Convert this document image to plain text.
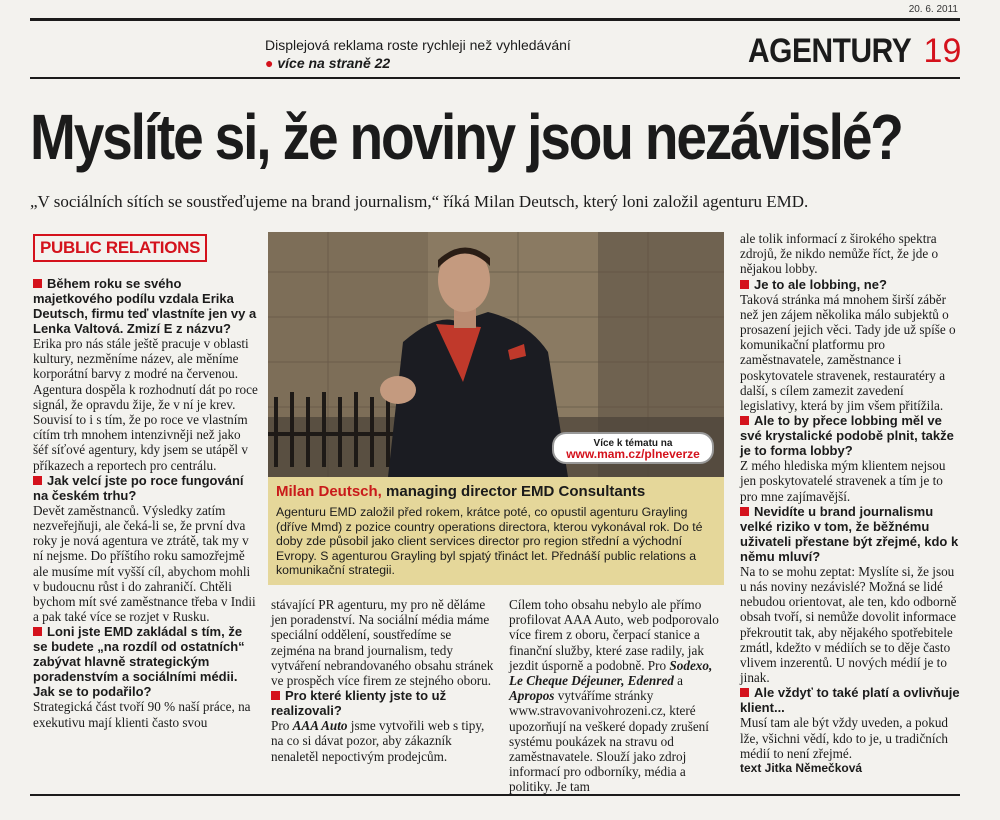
20. 6. 2011
Displejová reklama roste rychleji než vyhledávání
● více na straně 22	AGENTURY 19
Myslíte si, že noviny jsou nezávislé?
„V sociálních sítích se soustřeďujeme na brand journalism,“ říká Milan Deutsch, který loni založil agenturu EMD.
PUBLIC RELATIONS

Během roku se svého majetkového podílu vzdala Erika Deutsch, firmu teď vlastníte jen vy a Lenka Valtová. Zmizí E z názvu?

Erika pro nás stále ještě pracuje v oblasti kultury, nezměníme název, ale měníme korporátní barvy z modré na červenou. Agentura dospěla k rozhodnutí dát po roce signál, že opravdu žije, že v ní je krev. Souvisí to i s tím, že po roce ve vlastním cítím trh mnohem intenzivněji než jako šéf síťové agentury, kdy jsem se utápěl v příkazech a reportech pro centrálu.

Jak velcí jste po roce fungování na českém trhu?

Devět zaměstnanců. Výsledky zatím nezveřejňuji, ale čeká-li se, že první dva roky je nová agentura ve ztrátě, tak my v ní nejsme. Do příštího roku samozřejmě ale musíme mít vyšší cíl, abychom mohli v budoucnu růst i do zahraničí. Chtěli bychom mít své zaměstnance třeba v Indii a pak také více se rozjet v Rusku.

Loni jste EMD zakládal s tím, že se budete „na rozdíl od ostatních“ zabývat hlavně strategickým poradenstvím a sociálními médii. Jak se to podařilo?

Strategická část tvoří 90 % naší práce, na exekutivu mají klienti často svou

Více k tématu na
www.mam.cz/plneverze
Milan Deutsch, managing director EMD Consultants
Agenturu EMD založil před rokem, krátce poté, co opustil agenturu Grayling (dříve Mmd) z pozice country operations directora, kterou vykonával rok. Do té doby zde působil jako client services director pro region střední a východní Evropy. S agenturou Grayling byl spjatý třináct let. Přednáší public relations a komunikační strategii.

stávající PR agenturu, my pro ně děláme jen poradenství. Na sociální média máme speciální oddělení, soustředíme se zejména na brand journalism, tedy vytváření nebrandovaného obsahu stránek ve prospěch více firem ze stejného oboru.

Pro které klienty jste to už realizovali?

Pro AAA Auto jsme vytvořili web s tipy, na co si dávat pozor, aby zákazník nenaletěl nepoctivým prodejcům.

Cílem toho obsahu nebylo ale přímo profilovat AAA Auto, web podporovalo více firem z oboru, čerpací stanice a finanční služby, které zase radily, jak jezdit úsporně a podobně. Pro Sodexo, Le Cheque Déjeuner, Edenred a Apropos vytváříme stránky www.stravovanivohrozeni.cz, které upozorňují na veškeré dopady zrušení systému poukázek na stravu od zaměstnavatele. Slouží jako zdroj informací pro odborníky, média a politiky. Je tam

ale tolik informací z širokého spektra zdrojů, že nikdo nemůže říct, že jde o nějakou lobby.

Je to ale lobbing, ne?

Taková stránka má mnohem širší záběr než jen zájem několika málo subjektů o prosazení jejich věci. Tady jde už spíše o komunikační platformu pro zaměstnavatele, zaměstnance i poskytovatele stravenek, restauratéry a další, s cílem zamezit zavedení legislativy, která by jim všem přitížila.

Ale to by přece lobbing měl ve své krystalické podobě plnit, takže je to forma lobby?

Z mého hlediska mým klientem nejsou jen poskytovatelé stravenek a tím je to pro mne zajímavější.

Nevidíte u brand journalismu velké riziko v tom, že běžnému uživateli přestane být zřejmé, kdo k němu mluví?

Na to se mohu zeptat: Myslíte si, že jsou u nás noviny nezávislé? Možná se lidé nebudou orientovat, ale ten, kdo odborně obsah tvoří, si nemůže dovolit informace překroutit tak, aby nějakého spotřebitele zmátl, kdežto v médiích se to děje často vlivem inzerentů. U nových médií je to jinak.

Ale vždyť to také platí a ovlivňuje klient...

Musí tam ale být vždy uveden, a pokud lže, všichni vědí, kdo to je, u tradičních médií to není zřejmé.

text Jitka Němečková
